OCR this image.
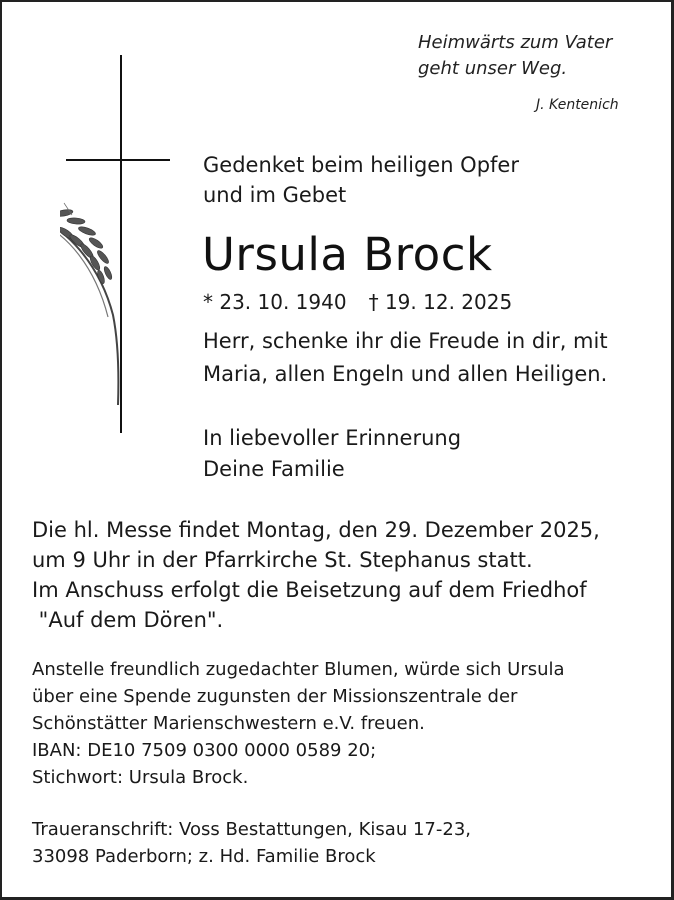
Heimwärts zum Vater
geht unser Weg.
J. Kentenich
Gedenket beim heiligen Opfer
und im Gebet
Ursula Brock
* 23. 10. 1940 † 19. 12. 2025
Herr, schenke ihr die Freude in dir, mit
Maria, allen Engeln und allen Heiligen.
In liebevoller Erinnerung
Deine Familie
Die hl. Messe findet Montag, den 29. Dezember 2025,
um 9 Uhr in der Pfarrkirche St. Stephanus statt.
Im Anschuss erfolgt die Beisetzung auf dem Friedhof
"Auf dem Dören".
Anstelle freundlich zugedachter Blumen, würde sich Ursula
über eine Spende zugunsten der Missionszentrale der
Schönstätter Marienschwestern e.V. freuen.
IBAN: DE10 7509 0300 0000 0589 20;
Stichwort: Ursula Brock.
Traueranschrift: Voss Bestattungen, Kisau 17-23,
33098 Paderborn; z. Hd. Familie Brock
